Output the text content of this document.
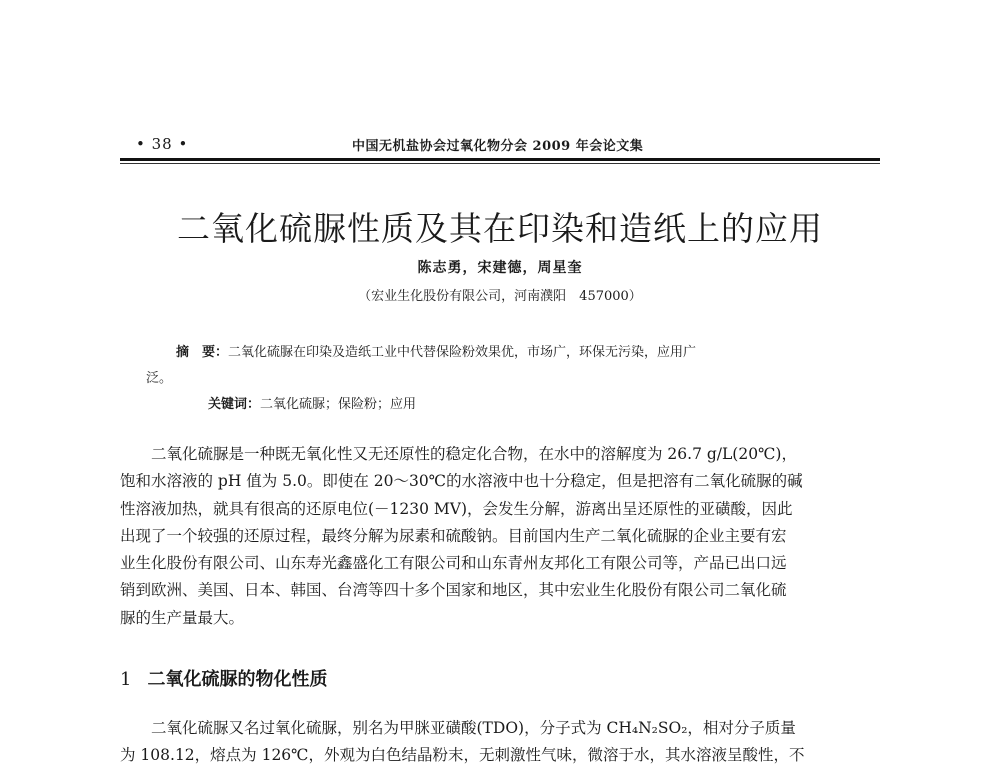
• 38 •	中国无机盐协会过氧化物分会 2009 年会论文集
二氧化硫脲性质及其在印染和造纸上的应用
陈志勇，宋建德，周星奎
（宏业生化股份有限公司，河南濮阳　457000）
摘　要：二氧化硫脲在印染及造纸工业中代替保险粉效果优，市场广，环保无污染，应用广
泛。
关键词：二氧化硫脲；保险粉；应用
　　二氧化硫脲是一种既无氧化性又无还原性的稳定化合物，在水中的溶解度为 26.7 g/L(20℃)，
饱和水溶液的 pH 值为 5.0。即使在 20～30℃的水溶液中也十分稳定，但是把溶有二氧化硫脲的碱
性溶液加热，就具有很高的还原电位(－1230 MV)，会发生分解，游离出呈还原性的亚磺酸，因此
出现了一个较强的还原过程，最终分解为尿素和硫酸钠。目前国内生产二氧化硫脲的企业主要有宏
业生化股份有限公司、山东寿光鑫盛化工有限公司和山东青州友邦化工有限公司等，产品已出口远
销到欧洲、美国、日本、韩国、台湾等四十多个国家和地区，其中宏业生化股份有限公司二氧化硫
脲的生产量最大。
1 二氧化硫脲的物化性质
　　二氧化硫脲又名过氧化硫脲，别名为甲脒亚磺酸(TDO)，分子式为 CH₄N₂SO₂，相对分子质量
为 108.12，熔点为 126℃，外观为白色结晶粉末，无刺激性气味，微溶于水，其水溶液呈酸性，不
